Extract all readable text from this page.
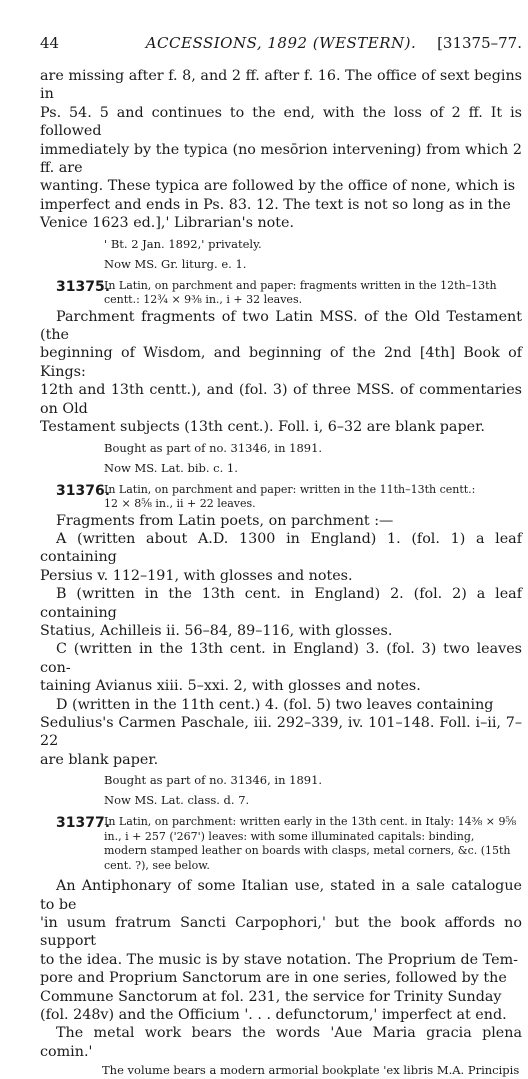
44	ACCESSIONS, 1892 (WESTERN).	[31375–77.

are missing after f. 8, and 2 ff. after f. 16. The office of sext begins in

Ps. 54. 5 and continues to the end, with the loss of 2 ff. It is followed

immediately by the typica (no mesōrion intervening) from which 2 ff. are

wanting. These typica are followed by the office of none, which is

imperfect and ends in Ps. 83. 12. The text is not so long as in the

Venice 1623 ed.],' Librarian's note.

' Bt. 2 Jan. 1892,' privately.

Now MS. Gr. liturg. e. 1.

31375.
In Latin, on parchment and paper: fragments written in the 12th–13th
centt.: 12¾ × 9⅜ in., i + 32 leaves.

Parchment fragments of two Latin MSS. of the Old Testament (the

beginning of Wisdom, and beginning of the 2nd [4th] Book of Kings:

12th and 13th centt.), and (fol. 3) of three MSS. of commentaries on Old

Testament subjects (13th cent.). Foll. i, 6–32 are blank paper.

Bought as part of no. 31346, in 1891.

Now MS. Lat. bib. c. 1.

31376.
In Latin, on parchment and paper: written in the 11th–13th centt.:
12 × 8⅝ in., ii + 22 leaves.

Fragments from Latin poets, on parchment :—

A (written about A.D. 1300 in England) 1. (fol. 1) a leaf containing

Persius v. 112–191, with glosses and notes.

B (written in the 13th cent. in England) 2. (fol. 2) a leaf containing

Statius, Achilleis ii. 56–84, 89–116, with glosses.

C (written in the 13th cent. in England) 3. (fol. 3) two leaves con-

taining Avianus xiii. 5–xxi. 2, with glosses and notes.

D (written in the 11th cent.) 4. (fol. 5) two leaves containing

Sedulius's Carmen Paschale, iii. 292–339, iv. 101–148. Foll. i–ii, 7–22

are blank paper.

Bought as part of no. 31346, in 1891.

Now MS. Lat. class. d. 7.

31377.
In Latin, on parchment: written early in the 13th cent. in Italy: 14⅜ × 9⅝
in., i + 257 ('267') leaves: with some illuminated capitals: binding,
modern stamped leather on boards with clasps, metal corners, &c. (15th
cent. ?), see below.

An Antiphonary of some Italian use, stated in a sale catalogue to be

'in usum fratrum Sancti Carpophori,' but the book affords no support

to the idea. The music is by stave notation. The Proprium de Tem-

pore and Proprium Sanctorum are in one series, followed by the

Commune Sanctorum at fol. 231, the service for Trinity Sunday

(fol. 248v) and the Officium '. . . defunctorum,' imperfect at end.

The metal work bears the words 'Aue Maria gracia plena comin.'

The volume bears a modern armorial bookplate 'ex libris M.A. Principis
